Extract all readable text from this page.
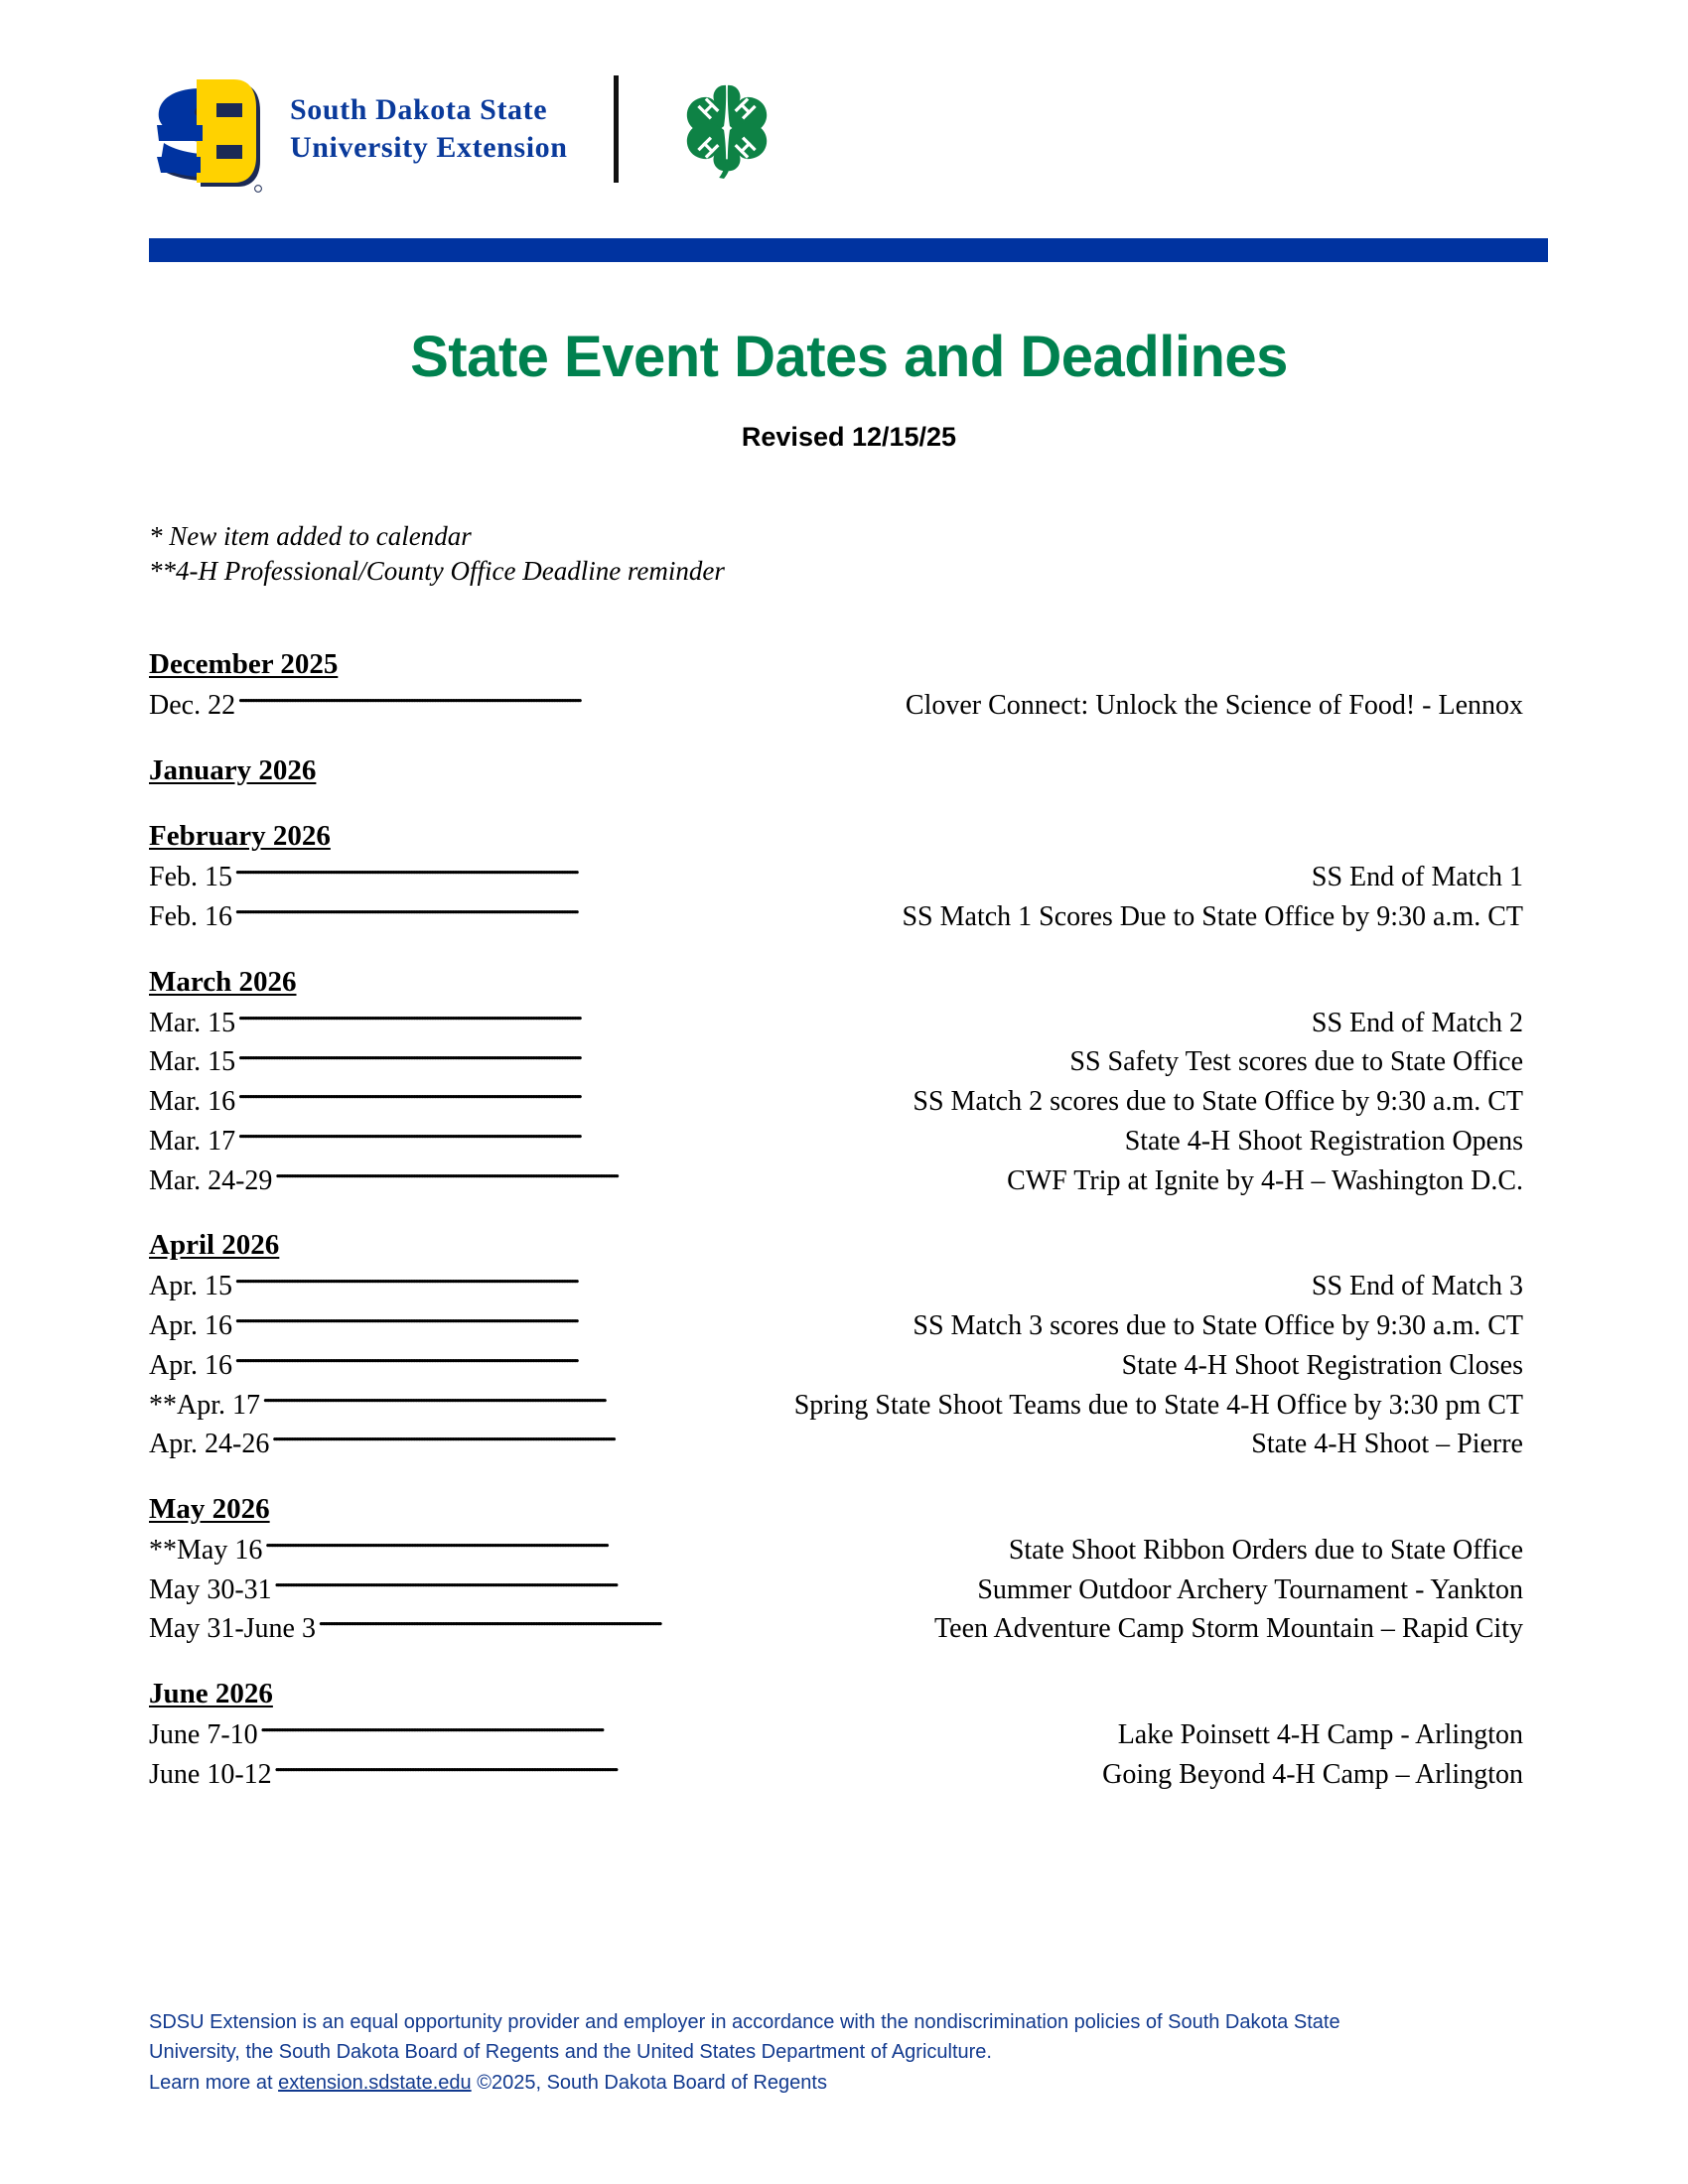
South Dakota State
University Extension
State Event Dates and Deadlines
Revised 12/15/25
* New item added to calendar
**4-H Professional/County Office Deadline reminder
December 2025
Dec. 22 . . .	Clover Connect: Unlock the Science of Food! - Lennox
January 2026
February 2026
Feb. 15 . . .	SS End of Match 1
Feb. 16 . . .	SS Match 1 Scores Due to State Office by 9:30 a.m. CT
March 2026
Mar. 15 . . .	SS End of Match 2
Mar. 15 . . .	SS Safety Test scores due to State Office
Mar. 16 . . .	SS Match 2 scores due to State Office by 9:30 a.m. CT
Mar. 17 . . .	State 4-H Shoot Registration Opens
Mar. 24-29 . . .	CWF Trip at Ignite by 4-H – Washington D.C.
April 2026
Apr. 15 . . .	SS End of Match 3
Apr. 16 . . .	SS Match 3 scores due to State Office by 9:30 a.m. CT
Apr. 16 . . .	State 4-H Shoot Registration Closes
**Apr. 17 . . .	Spring State Shoot Teams due to State 4-H Office by 3:30 pm CT
Apr. 24-26 . . .	State 4-H Shoot – Pierre
May 2026
**May 16 . . .	State Shoot Ribbon Orders due to State Office
May 30-31 . . .	Summer Outdoor Archery Tournament - Yankton
May 31-June 3 . . .	Teen Adventure Camp Storm Mountain – Rapid City
June 2026
June 7-10 . . .	Lake Poinsett 4-H Camp - Arlington
June 10-12 . . .	Going Beyond 4-H Camp – Arlington
SDSU Extension is an equal opportunity provider and employer in accordance with the nondiscrimination policies of South Dakota State
University, the South Dakota Board of Regents and the United States Department of Agriculture.
Learn more at extension.sdstate.edu ©2025, South Dakota Board of Regents
